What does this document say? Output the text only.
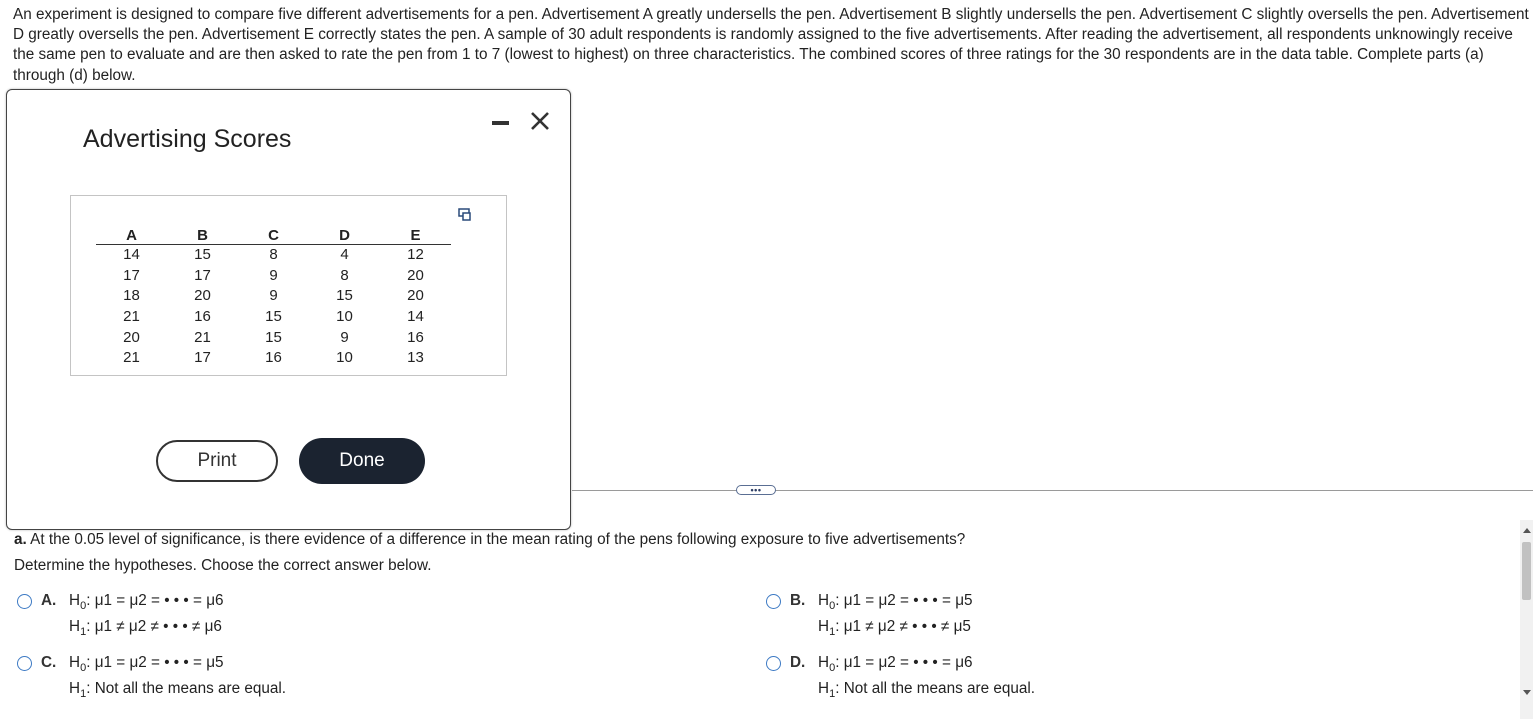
An experiment is designed to compare five different advertisements for a pen. Advertisement A greatly undersells the pen. Advertisement B slightly undersells the pen. Advertisement C slightly oversells the pen. Advertisement D greatly oversells the pen. Advertisement E correctly states the pen. A sample of 30 adult respondents is randomly assigned to the five advertisements. After reading the advertisement, all respondents unknowingly receive the same pen to evaluate and are then asked to rate the pen from 1 to 7 (lowest to highest) on three characteristics. The combined scores of three ratings for the 30 respondents are in the data table. Complete parts (a) through (d) below.
•••
Advertising Scores
A	B	C	D	E
14	15	8	4	12
17	17	9	8	20
18	20	9	15	20
21	16	15	10	14
20	21	15	9	16
21	17	16	10	13
Print	Done
a. At the 0.05 level of significance, is there evidence of a difference in the mean rating of the pens following exposure to five advertisements?
Determine the hypotheses. Choose the correct answer below.
A. $H_0$: μ1 = μ2 = • • • = μ6
$H_1$: μ1 ≠ μ2 ≠ • • • ≠ μ6
B. $H_0$: μ1 = μ2 = • • • = μ5
$H_1$: μ1 ≠ μ2 ≠ • • • ≠ μ5
C. $H_0$: μ1 = μ2 = • • • = μ5
$H_1$: Not all the means are equal.
D. $H_0$: μ1 = μ2 = • • • = μ6
$H_1$: Not all the means are equal.
